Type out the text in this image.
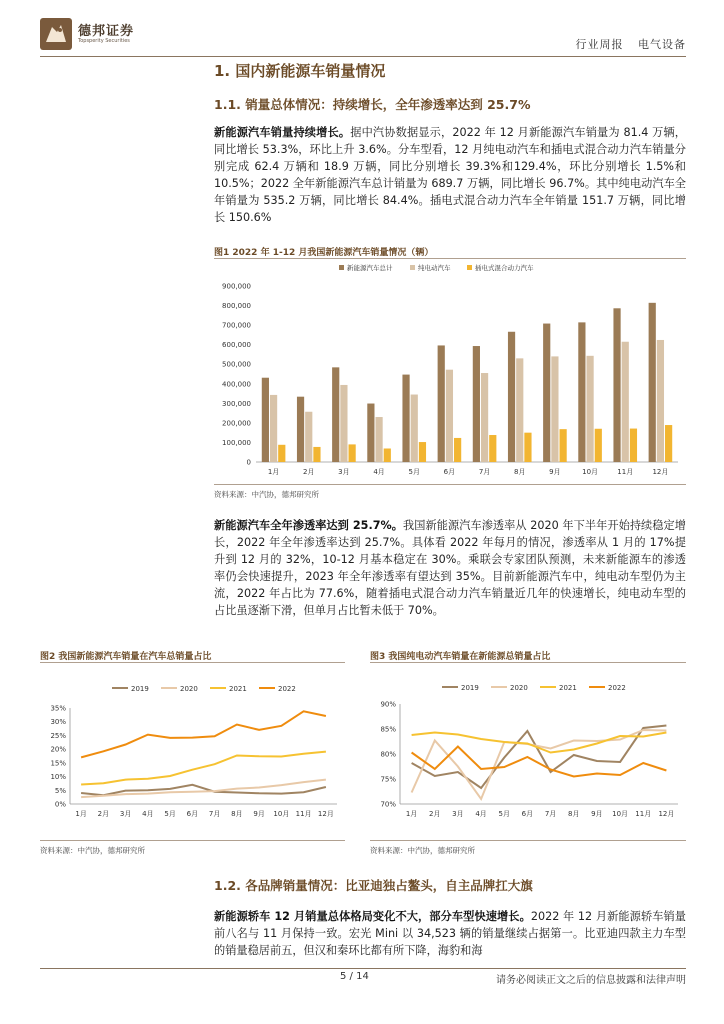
德邦证券
Topsperity Securities	行业周报 电气设备
1. 国内新能源车销量情况
1.1. 销量总体情况：持续增长，全年渗透率达到 25.7%
新能源汽车销量持续增长。据中汽协数据显示，2022 年 12 月新能源汽车销量为 81.4 万辆，同比增长 53.3%，环比上升 3.6%。分车型看，12 月纯电动汽车和插电式混合动力汽车销量分别完成 62.4 万辆和 18.9 万辆，同比分别增长 39.3%和129.4%，环比分别增长 1.5%和 10.5%；2022 全年新能源汽车总计销量为 689.7 万辆，同比增长 96.7%。其中纯电动汽车全年销量为 535.2 万辆，同比增长 84.4%。插电式混合动力汽车全年销量 151.7 万辆，同比增长 150.6%
图1 2022 年 1-12 月我国新能源汽车销量情况（辆）
新能源汽车总计	纯电动汽车	插电式混合动力汽车
0
100,000
200,000
300,000
400,000
500,000
600,000
700,000
800,000
900,000
1月	2月	3月	4月	5月	6月	7月	8月	9月	10月	11月	12月
资料来源：中汽协，德邦研究所
新能源汽车全年渗透率达到 25.7%。我国新能源汽车渗透率从 2020 年下半年开始持续稳定增长，2022 年全年渗透率达到 25.7%。具体看 2022 年每月的情况，渗透率从 1 月的 17%提升到 12 月的 32%，10-12 月基本稳定在 30%。乘联会专家团队预测，未来新能源车的渗透率仍会快速提升，2023 年全年渗透率有望达到 35%。目前新能源汽车中，纯电动车型仍为主流，2022 年占比为 77.6%，随着插电式混合动力汽车销量近几年的快速增长，纯电动车型的占比虽逐渐下滑，但单月占比暂未低于 70%。
图2 我国新能源汽车销量在汽车总销量占比
2019	2020	2021	2022
0%
5%
10%
15%
20%
25%
30%
35%
1月 2月 3月 4月 5月 6月 7月 8月 9月 10月 11月 12月
资料来源：中汽协，德邦研究所
图3 我国纯电动汽车销量在新能源总销量占比
2019	2020	2021	2022
70%
75%
80%
85%
90%
1月 2月 3月 4月 5月 6月 7月 8月 9月 10月 11月 12月
资料来源：中汽协，德邦研究所
1.2. 各品牌销量情况：比亚迪独占鳌头，自主品牌扛大旗
新能源轿车 12 月销量总体格局变化不大，部分车型快速增长。2022 年 12 月新能源轿车销量前八名与 11 月保持一致。宏光 Mini 以 34,523 辆的销量继续占据第一。比亚迪四款主力车型的销量稳居前五，但汉和秦环比都有所下降，海豹和海
5 / 14	请务必阅读正文之后的信息披露和法律声明
